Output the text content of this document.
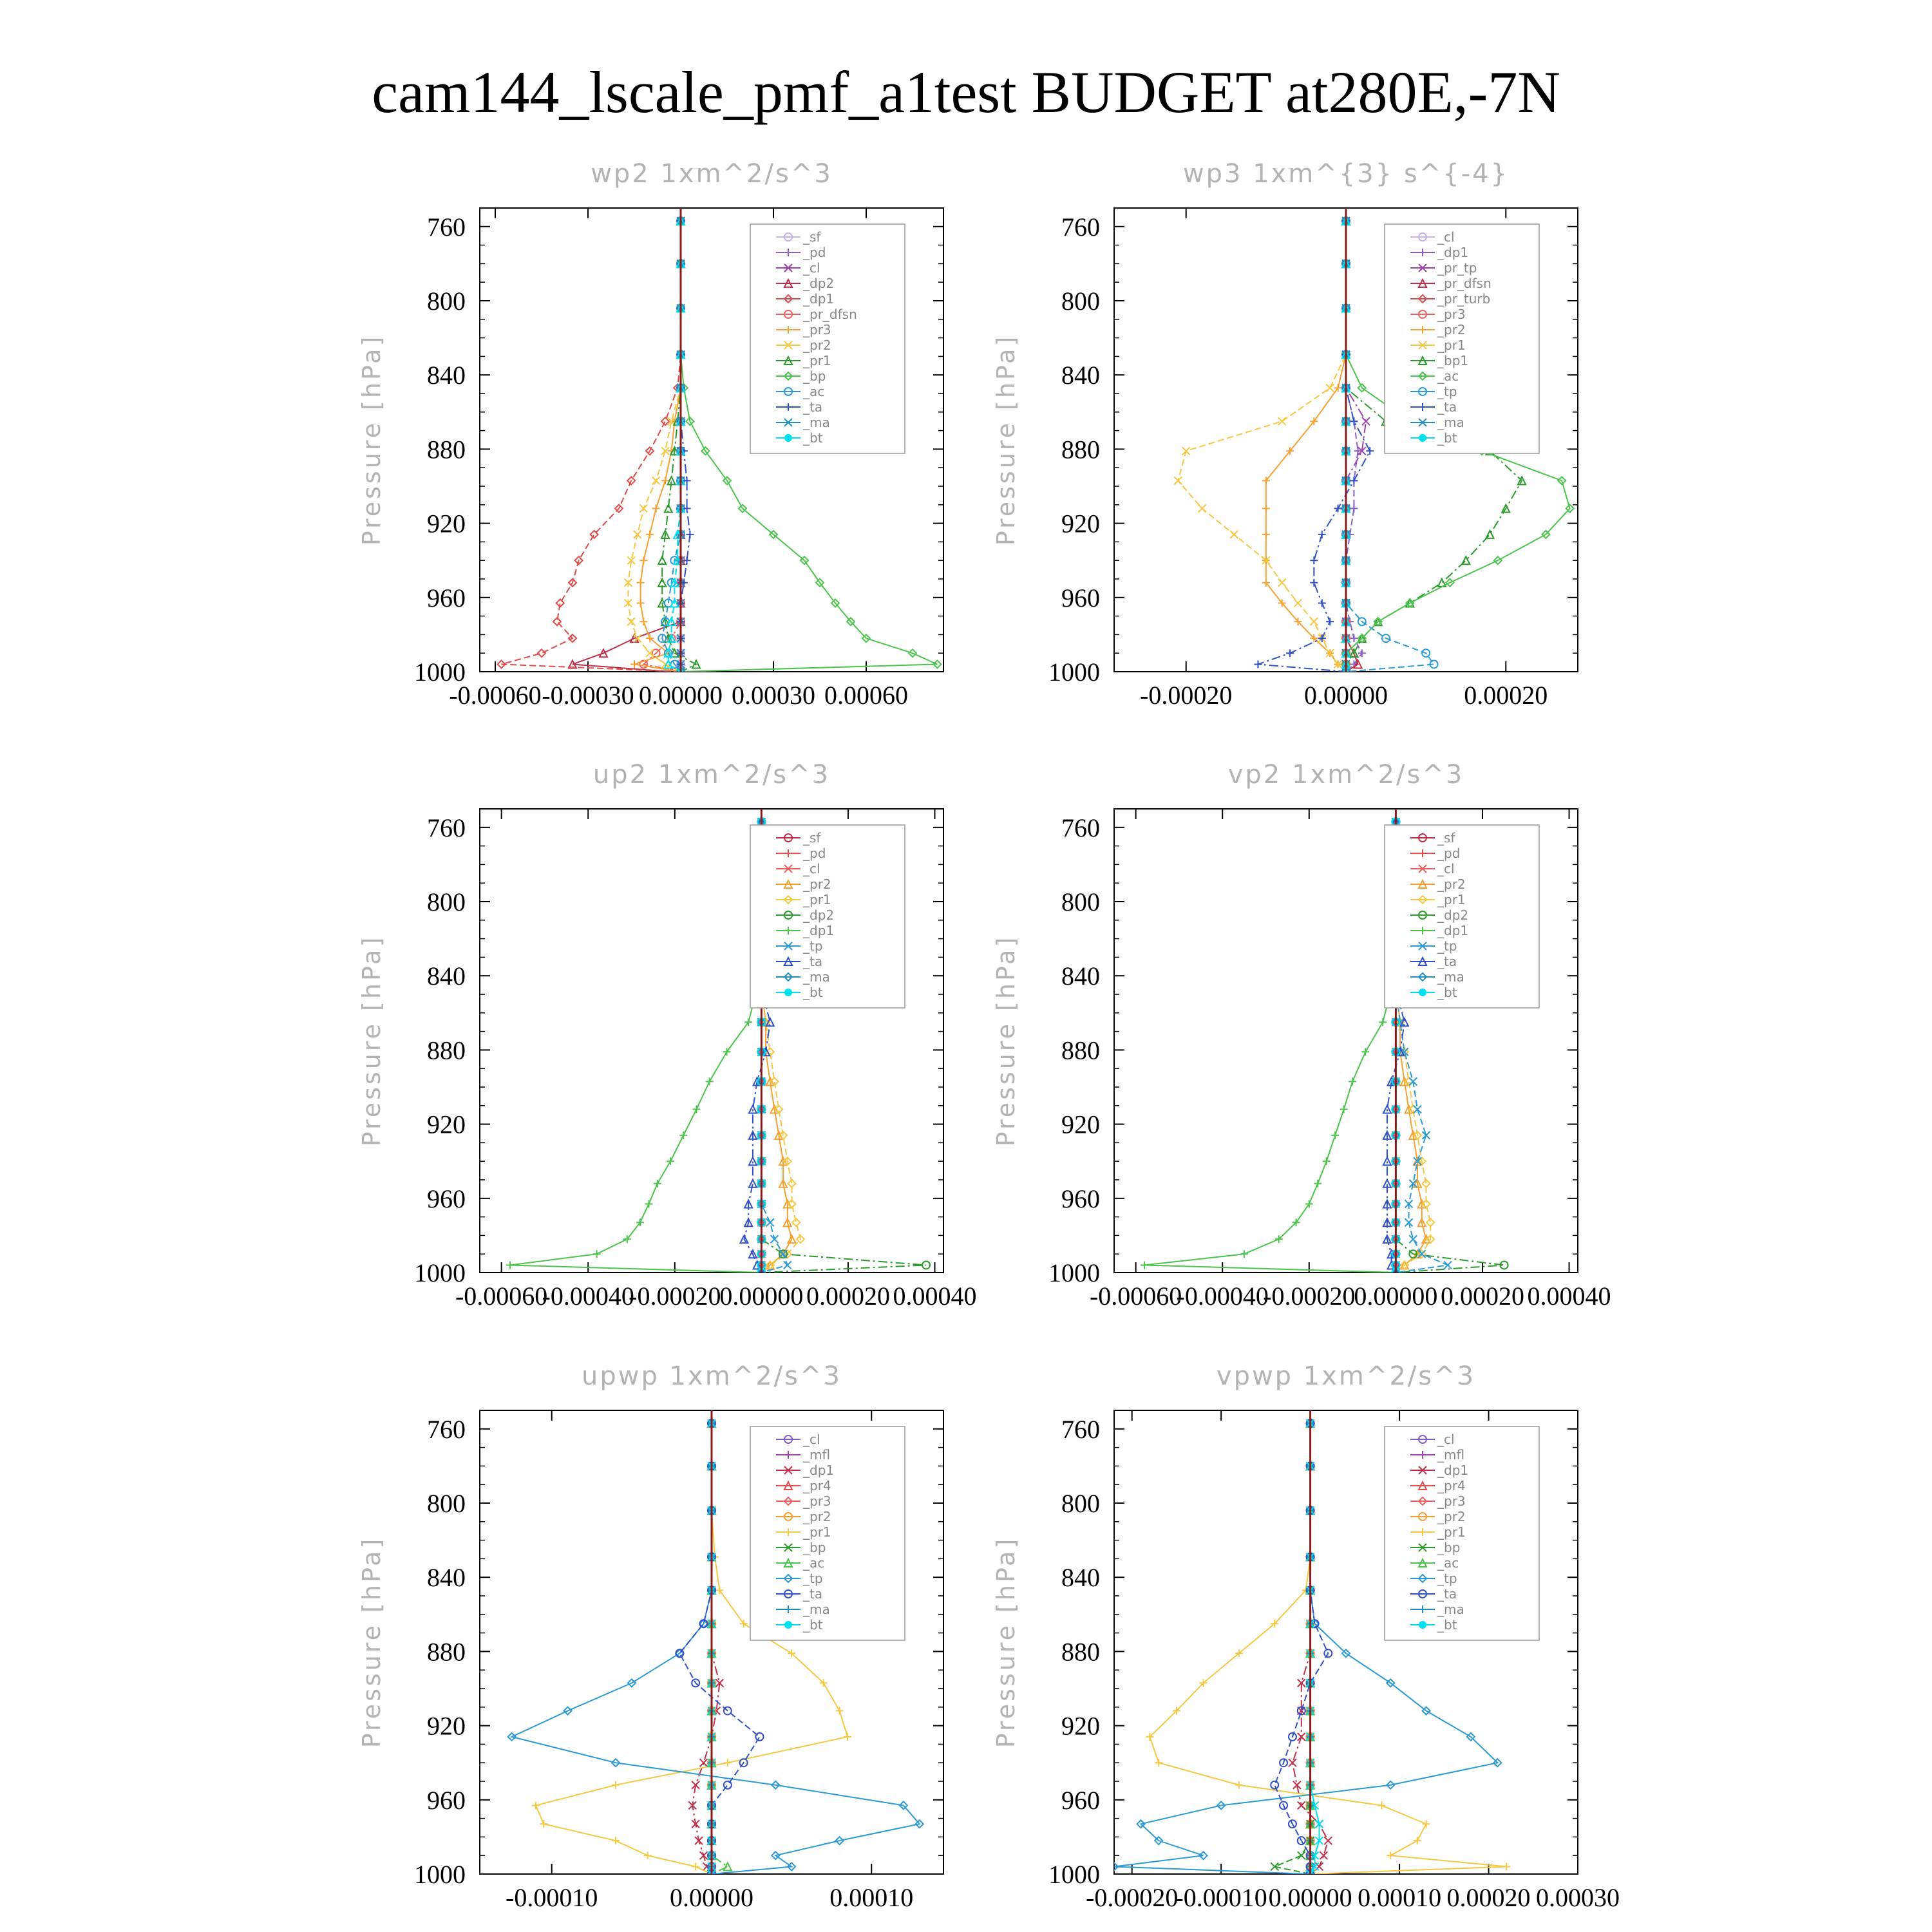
cam144_lscale_pmf_a1test BUDGET at280E,-7N
wp2 1xm^2/s^3
Pressure [hPa]
760
800
840
880
920
960
1000
-0.00060 -0.00030 0.00000 0.00030 0.00060
_sf
_pd
_cl
_dp2
_dp1
_pr_dfsn
_pr3
_pr2
_pr1
_bp
_ac
_ta
_ma
_bt
wp3 1xm^{3} s^{-4}
Pressure [hPa]
760
800
840
880
920
960
1000
-0.00020	0.00000	0.00020
_cl
_dp1
_pr_tp
_pr_dfsn
_pr_turb
_pr3
_pr2
_pr1
_bp1
_ac
_tp
_ta
_ma
_bt
up2 1xm^2/s^3
Pressure [hPa]
760
800
840
880
920
960
1000
-0.00060
-0.00040
-0.00020
0.00000 0.00020 0.00040
_sf
_pd
_cl
_pr2
_pr1
_dp2
_dp1
_tp
_ta
_ma
_bt
vp2 1xm^2/s^3
Pressure [hPa]
760
800
840
880
920
960
1000
-0.00060
-0.00040
-0.00020
0.00000 0.00020 0.00040
_sf
_pd
_cl
_pr2
_pr1
_dp2
_dp1
_tp
_ta
_ma
_bt
upwp 1xm^2/s^3
Pressure [hPa]
760
800
840
880
920
960
1000
-0.00010	0.00000	0.00010
_cl
_mfl
_dp1
_pr4
_pr3
_pr2
_pr1
_bp
_ac
_tp
_ta
_ma
_bt
vpwp 1xm^2/s^3
Pressure [hPa]
760
800
840
880
920
960
1000
-0.00020
-0.00010 0.00000 0.00010 0.00020 0.00030
_cl
_mfl
_dp1
_pr4
_pr3
_pr2
_pr1
_bp
_ac
_tp
_ta
_ma
_bt
